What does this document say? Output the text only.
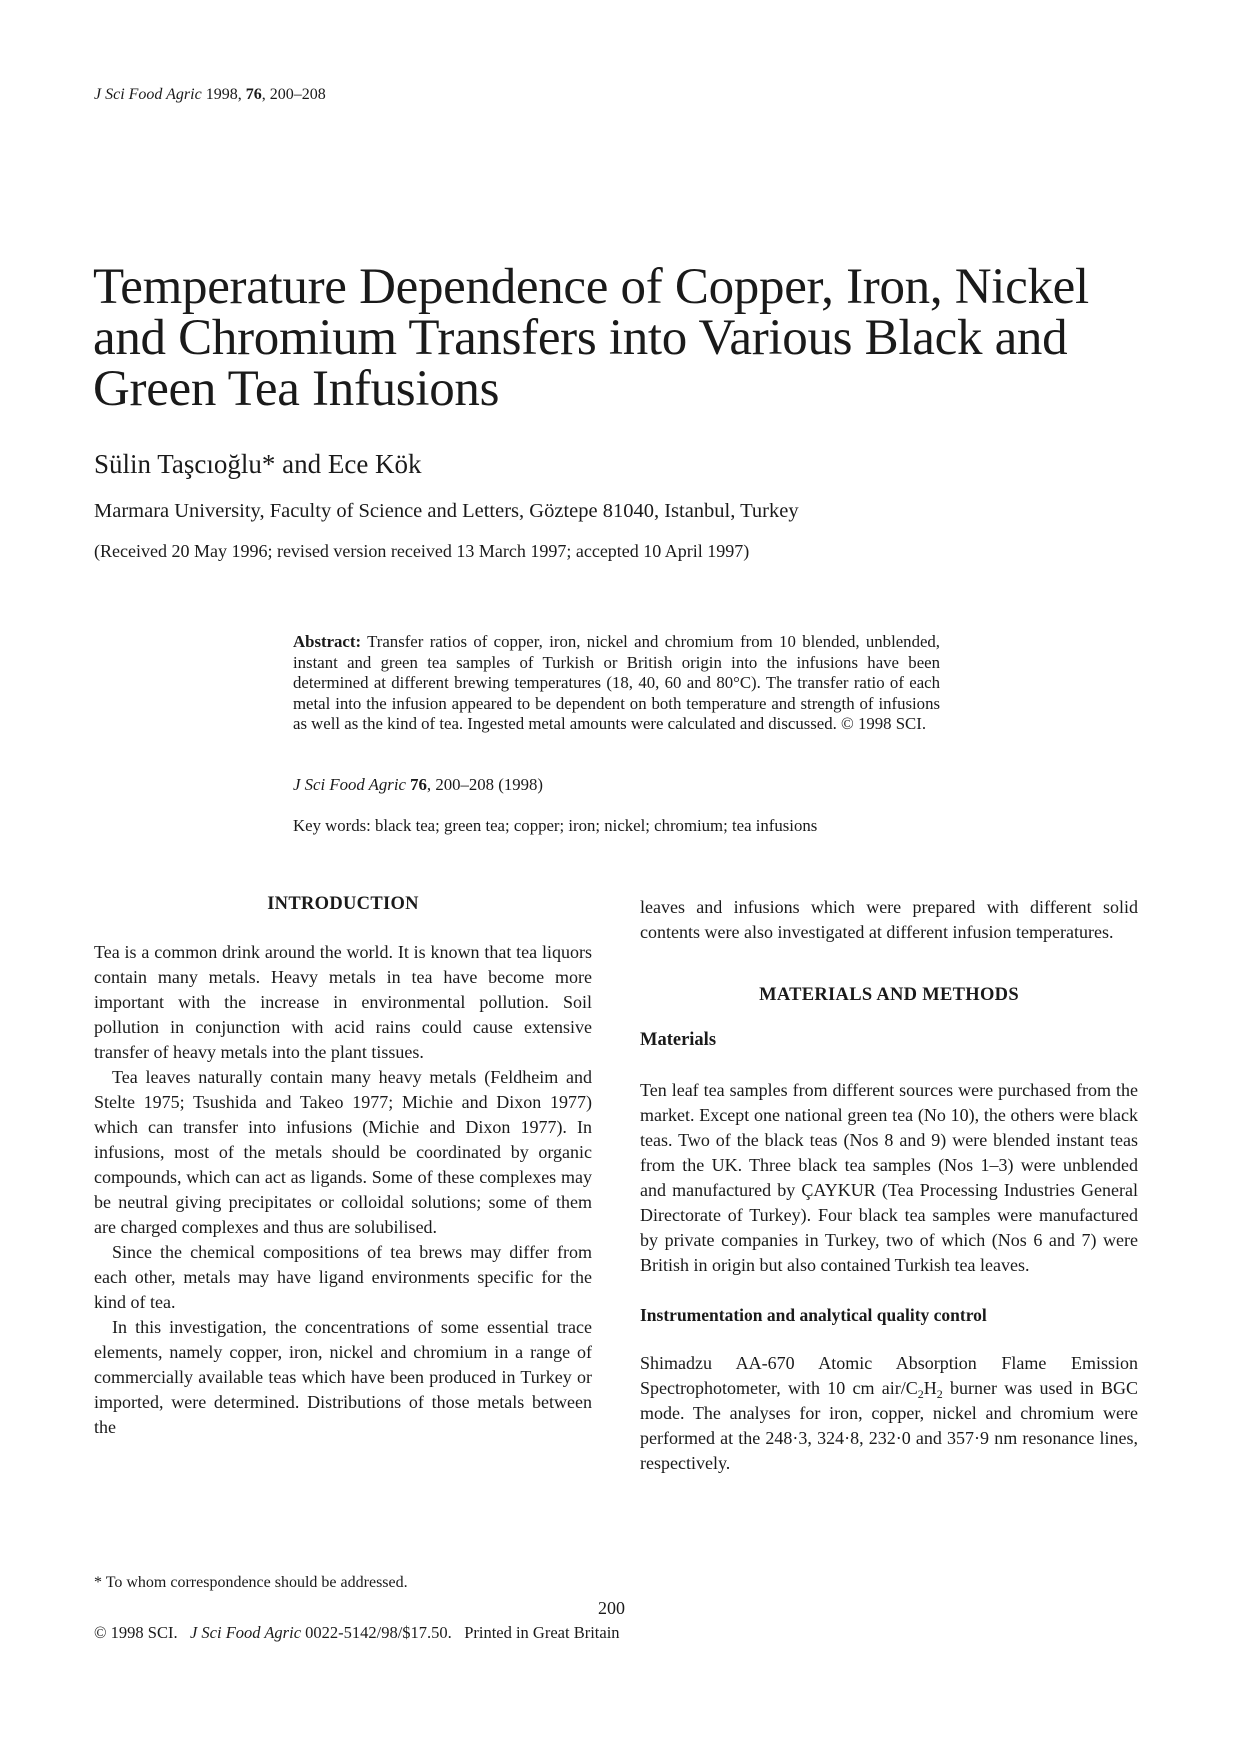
J Sci Food Agric 1998, 76, 200–208
Temperature Dependence of Copper, Iron, Nickel and Chromium Transfers into Various Black and Green Tea Infusions
Sülin Taşcıoğlu* and Ece Kök
Marmara University, Faculty of Science and Letters, Göztepe 81040, Istanbul, Turkey
(Received 20 May 1996; revised version received 13 March 1997; accepted 10 April 1997)
Abstract: Transfer ratios of copper, iron, nickel and chromium from 10 blended, unblended, instant and green tea samples of Turkish or British origin into the infusions have been determined at different brewing temperatures (18, 40, 60 and 80°C). The transfer ratio of each metal into the infusion appeared to be dependent on both temperature and strength of infusions as well as the kind of tea. Ingested metal amounts were calculated and discussed. © 1998 SCI.
J Sci Food Agric 76, 200–208 (1998)
Key words: black tea; green tea; copper; iron; nickel; chromium; tea infusions
INTRODUCTION

Tea is a common drink around the world. It is known that tea liquors contain many metals. Heavy metals in tea have become more important with the increase in environmental pollution. Soil pollution in conjunction with acid rains could cause extensive transfer of heavy metals into the plant tissues.

Tea leaves naturally contain many heavy metals (Feldheim and Stelte 1975; Tsushida and Takeo 1977; Michie and Dixon 1977) which can transfer into infusions (Michie and Dixon 1977). In infusions, most of the metals should be coordinated by organic compounds, which can act as ligands. Some of these complexes may be neutral giving precipitates or colloidal solutions; some of them are charged complexes and thus are solubilised.

Since the chemical compositions of tea brews may differ from each other, metals may have ligand environments specific for the kind of tea.

In this investigation, the concentrations of some essential trace elements, namely copper, iron, nickel and chromium in a range of commercially available teas which have been produced in Turkey or imported, were determined. Distributions of those metals between the

leaves and infusions which were prepared with different solid contents were also investigated at different infusion temperatures.

MATERIALS AND METHODS
Materials

Ten leaf tea samples from different sources were purchased from the market. Except one national green tea (No 10), the others were black teas. Two of the black teas (Nos 8 and 9) were blended instant teas from the UK. Three black tea samples (Nos 1–3) were unblended and manufactured by ÇAYKUR (Tea Processing Industries General Directorate of Turkey). Four black tea samples were manufactured by private companies in Turkey, two of which (Nos 6 and 7) were British in origin but also contained Turkish tea leaves.

Instrumentation and analytical quality control

Shimadzu AA-670 Atomic Absorption Flame Emission Spectrophotometer, with 10 cm air/$C_2H_2$ burner was used in BGC mode. The analyses for iron, copper, nickel and chromium were performed at the 248·3, 324·8, 232·0 and 357·9 nm resonance lines, respectively.

* To whom correspondence should be addressed.
200
© 1998 SCI. J Sci Food Agric 0022-5142/98/$17.50. Printed in Great Britain
